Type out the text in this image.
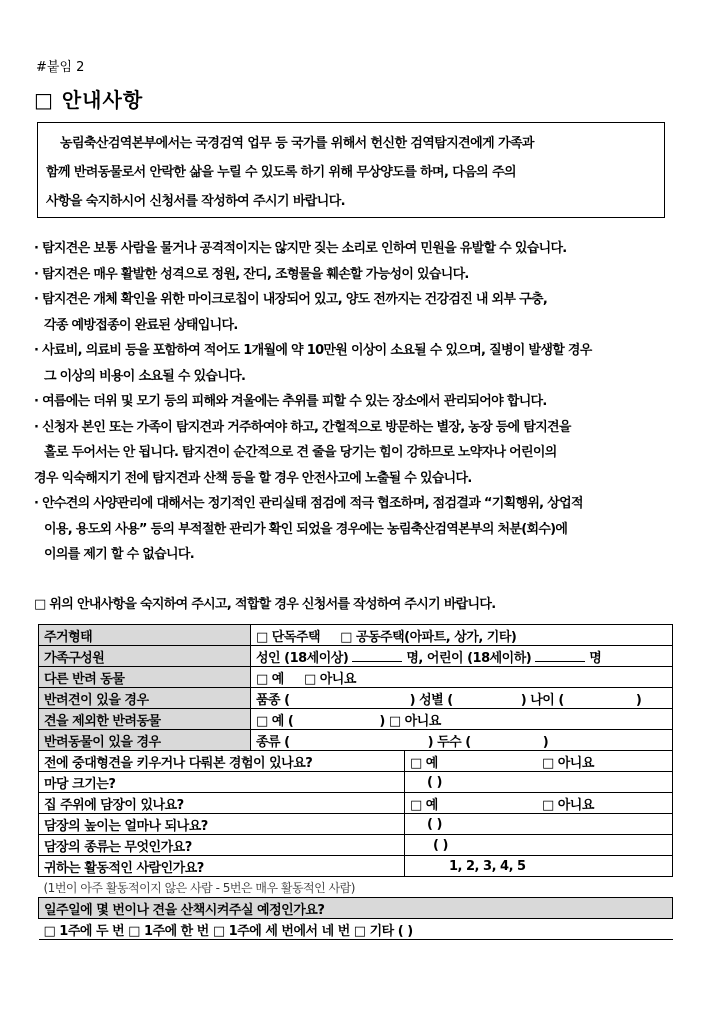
#붙임 2
□ 안내사항
농림축산검역본부에서는 국경검역 업무 등 국가를 위해서 헌신한 검역탐지견에게 가족과
함께 반려동물로서 안락한 삶을 누릴 수 있도록 하기 위해 무상양도를 하며, 다음의 주의
사항을 숙지하시어 신청서를 작성하여 주시기 바랍니다.
· 탐지견은 보통 사람을 물거나 공격적이지는 않지만 짖는 소리로 인하여 민원을 유발할 수 있습니다.
· 탐지견은 매우 활발한 성격으로 정원, 잔디, 조형물을 훼손할 가능성이 있습니다.
· 탐지견은 개체 확인을 위한 마이크로칩이 내장되어 있고, 양도 전까지는 건강검진 내 외부 구충,
각종 예방접종이 완료된 상태입니다.
· 사료비, 의료비 등을 포함하여 적어도 1개월에 약 10만원 이상이 소요될 수 있으며, 질병이 발생할 경우
그 이상의 비용이 소요될 수 있습니다.
· 여름에는 더위 및 모기 등의 피해와 겨울에는 추위를 피할 수 있는 장소에서 관리되어야 합니다.
· 신청자 본인 또는 가족이 탐지견과 거주하여야 하고, 간헐적으로 방문하는 별장, 농장 등에 탐지견을
홀로 두어서는 안 됩니다. 탐지견이 순간적으로 견 줄을 당기는 힘이 강하므로 노약자나 어린이의
경우 익숙해지기 전에 탐지견과 산책 등을 할 경우 안전사고에 노출될 수 있습니다.
· 안수견의 사양관리에 대해서는 정기적인 관리실태 점검에 적극 협조하며, 점검결과 “기획행위, 상업적
이용, 용도외 사용” 등의 부적절한 관리가 확인 되었을 경우에는 농림축산검역본부의 처분(회수)에
이의를 제기 할 수 없습니다.
□ 위의 안내사항을 숙지하여 주시고, 적합할 경우 신청서를 작성하여 주시기 바랍니다.
주거형태	□ 단독주택 □ 공동주택(아파트, 상가, 기타)	
가족구성원	성인 (18세이상) 명, 어린이 (18세이하) 명	
다른 반려 동물	□ 예 □ 아니요	
반려견이 있을 경우	품종 ( ) 성별 ( ) 나이 ( )	
견을 제외한 반려동물	□ 예 ( ) □ 아니요	
반려동물이 있을 경우	종류 ( ) 두수 ( )	
전에 중대형견을 키우거나 다뤄본 경험이 있나요?		□ 예 □ 아니요
마당 크기는?		( )
집 주위에 담장이 있나요?		□ 예 □ 아니요
담장의 높이는 얼마나 되나요?		( )
담장의 종류는 무엇인가요?		( )
귀하는 활동적인 사람인가요?		1, 2, 3, 4, 5
(1번이 아주 활동적이지 않은 사람 - 5번은 매우 활동적인 사람)		
일주일에 몇 번이나 견을 산책시켜주실 예정인가요?		
□ 1주에 두 번 □ 1주에 한 번 □ 1주에 세 번에서 네 번 □ 기타 ( )		
